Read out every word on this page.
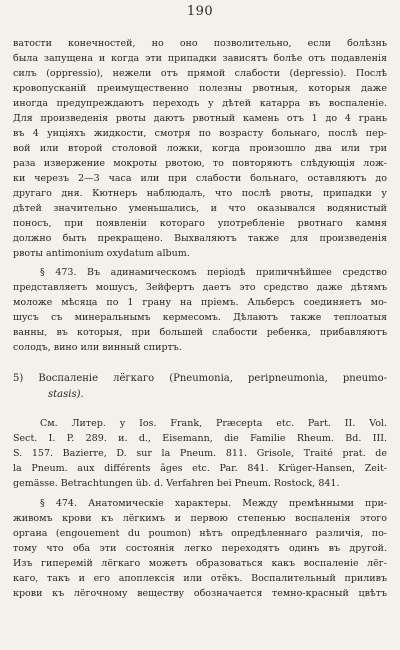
190
ватости конечностей, но оно позволительно, если болѣзнь
была запущена и когда эти припадки зависятъ болѣе отъ подавленія
силъ (oppressio), нежели отъ прямой слабости (depressio). Послѣ
кровопусканій преимущественно полезны рвотныя, которыя даже
иногда предупреждаютъ переходъ у дѣтей катарра въ воспаленіе.
Для произведенія рвоты даютъ рвотный камень отъ 1 до 4 грань
въ 4 унціяхъ жидкости, смотря по возрасту больнаго, послѣ пер-
вой или второй столовой ложки, когда произошло два или три
раза извержение мокроты рвотою, то повторяютъ слѣдующія лож-
ки черезъ 2—3 часа или при слабости больнаго, оставляютъ до
другаго дня. Кютнеръ наблюдалъ, что послѣ рвоты, припадки у
дѣтей значительно уменьшались, и что оказывался водянистый
поносъ, при появленіи котораго употребленіе рвотнаго камня
должно быть прекращено. Выхваляютъ также для произведенія
рвоты antimonium oxydatum album.
§ 473. Въ адинамическомъ періодѣ приличнѣйшее средство
представляетъ мошусъ, Зейфертъ даетъ это средство даже дѣтямъ
моложе мѣсяца по 1 грану на пріемъ. Альберсъ соединяетъ мо-
шусъ съ минеральнымъ кермесомъ. Дѣлаютъ также теплоатыя
ванны, въ которыя, при большей слабости ребенка, прибавляютъ
солодъ, вино или винный спиртъ.
5) Воспаленіе лёгкаго (Pneumonia, peripneumonia, pneumo-
stasis).
См. Литер. у Ios. Frank, Præcepta etc. Part. II. Vol.
Sect. I. P. 289. и. d., Eisemann, die Familie Rheum. Bd. III.
S. 157. Bazierre, D. sur la Pneum. 811. Grisole, Traité prat. de
la Pneum. aux différents âges etc. Par. 841. Krüger-Hansen, Zeit-
gemässe. Betrachtungen üb. d. Verfahren bei Pneum. Rostock, 841.
§ 474. Анатомическіе характеры. Между премѣнными при-
живомъ крови къ лёгкимъ и первою степенью воспаленія этого
органа (engouement du poumon) нѣтъ опредѣленнаго различія, по-
тому что оба эти состоянія легко переходятъ одинъ въ другой.
Изъ гиперемій лёгкаго можетъ образоваться какъ воспаленіе лёг-
каго, такъ и его апоплексія или отёкъ. Воспалительный приливъ
крови къ лёгочному веществу обозначается темно-красный цвѣтъ
